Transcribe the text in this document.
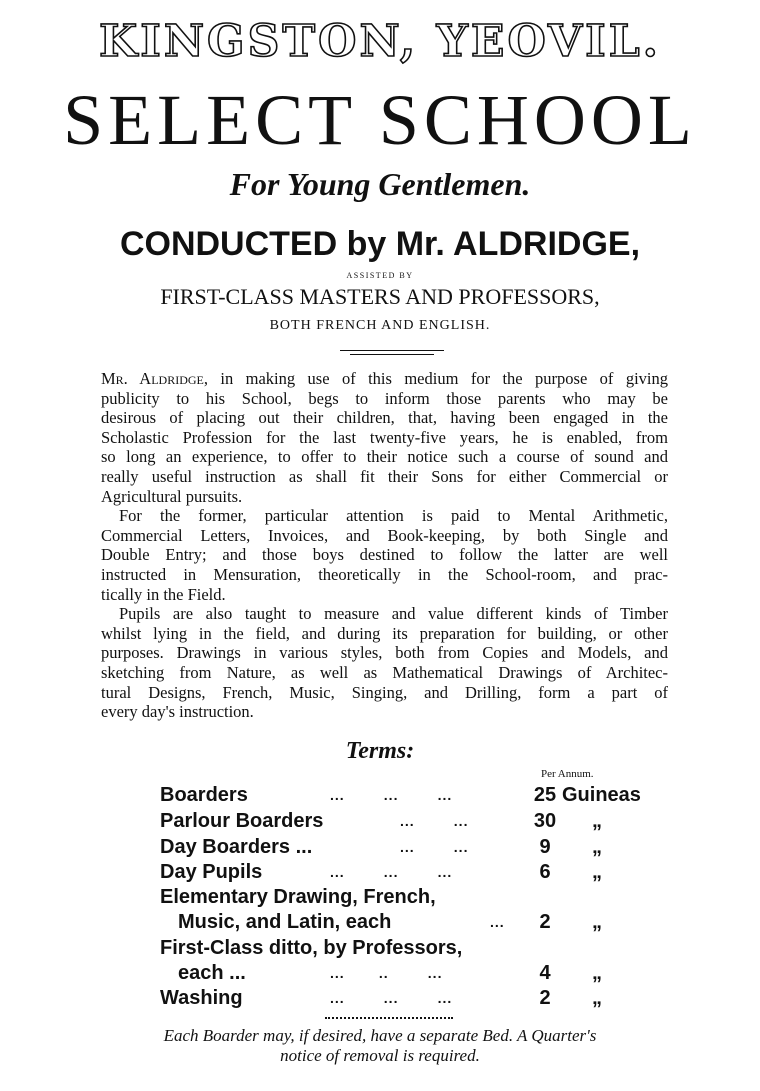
KINGSTON, YEOVIL.
SELECT SCHOOL
For Young Gentlemen.
CONDUCTED by Mr. ALDRIDGE,
ASSISTED BY
FIRST-CLASS MASTERS AND PROFESSORS,
BOTH FRENCH AND ENGLISH.
Mr. Aldridge, in making use of this medium for the purpose of giving
publicity to his School, begs to inform those parents who may be
desirous of placing out their children, that, having been engaged in the
Scholastic Profession for the last twenty-five years, he is enabled, from
so long an experience, to offer to their notice such a course of sound and
really useful instruction as shall fit their Sons for either Commercial or
Agricultural pursuits.
For the former, particular attention is paid to Mental Arithmetic,
Commercial Letters, Invoices, and Book-keeping, by both Single and
Double Entry; and those boys destined to follow the latter are well
instructed in Mensuration, theoretically in the School-room, and prac-
tically in the Field.
Pupils are also taught to measure and value different kinds of Timber
whilst lying in the field, and during its preparation for building, or other
purposes. Drawings in various styles, both from Copies and Models, and
sketching from Nature, as well as Mathematical Drawings of Architec-
tural Designs, French, Music, Singing, and Drilling, form a part of
every day's instruction.
Terms:
Per Annum.
Boarders	...        ...        ...	25 Guineas
Parlour Boarders	...        ...	30	„
Day Boarders ...	...        ...	9	„
Day Pupils	...        ...        ...	6	„
Elementary Drawing, French,
Music, and Latin, each	...	2	„
First-Class ditto, by Professors,
each ...	...       ..        ...	4	„
Washing	...        ...        ...	2	„
Each Boarder may, if desired, have a separate Bed. A Quarter's
notice of removal is required.
